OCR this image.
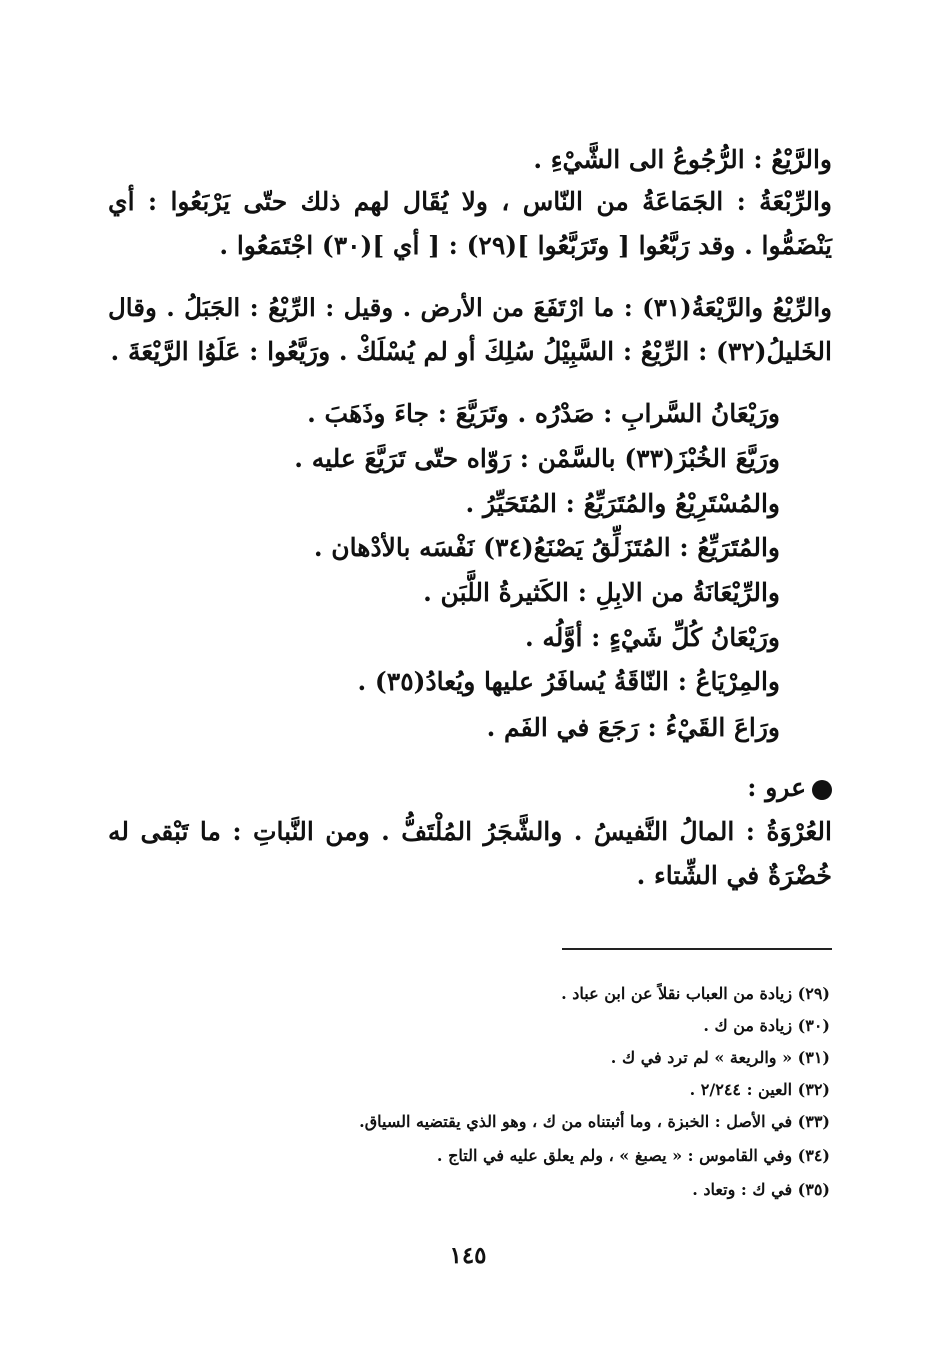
والرَّيْعُ : الرُّجُوعُ الى الشَّيْءِ .
والرِّبْعَةُ : الجَمَاعَةُ من النّاس ، ولا يُقَال لهم ذلك حتّى يَرْبَعُوا : أي
يَنْضَمُّوا . وقد رَبَّعُوا [ وتَرَبَّعُوا ](٢٩) : [ أي ](٣٠) اجْتَمَعُوا .
والرِّيْعُ والرَّيْعَةُ(٣١) : ما ارْتَفَعَ من الأرض . وقيل : الرِّيْعُ : الجَبَلُ . وقال
الخَليلُ(٣٢) : الرِّيْعُ : السَّبِيْلُ سُلِكَ أو لم يُسْلَكْ . ورَيَّعُوا : عَلَوُا الرَّيْعَةَ .
ورَيْعَانُ السَّرابِ : صَدْرُه . وتَرَيَّعَ : جاءَ وذَهَبَ .
ورَيَّعَ الخُبْزَ(٣٣) بالسَّمْن : رَوّاه حتّى تَرَيَّعَ عليه .
والمُسْتَرِيْعُ والمُتَرَيِّعُ : المُتَحَيِّرُ .
والمُتَرَيِّعُ : المُتَزَلِّقُ يَصْنَعُ(٣٤) نَفْسَه بالأدْهان .
والرِّيْعَانَةُ من الابِلِ : الكَثيرةُ اللَّبَن .
ورَيْعَانُ كُلِّ شَيْءٍ : أوَّلُه .
والمِرْيَاعُ : النّاقَةُ يُسافَرُ عليها ويُعادُ(٣٥) .
ورَاعَ القَيْءُ : رَجَعَ في الفَم .
عرو :
العُرْوَةُ : المالُ النَّفيسُ . والشَّجَرُ المُلْتَفُّ . ومن النَّباتِ : ما تَبْقى له
خُضْرَةٌ في الشِّتاء .
(٢٩) زيادة من العباب نقلاً عن ابن عباد .
(٣٠) زيادة من ك .
(٣١) « والريعة » لم ترد في ك .
(٣٢) العين : ٢/٢٤٤ .
(٣٣) في الأصل : الخبزة ، وما أثبتناه من ك ، وهو الذي يقتضيه السياق.
(٣٤) وفي القاموس : « يصبغ » ، ولم يعلق عليه في التاج .
(٣٥) في ك : وتعاد .
١٤٥
